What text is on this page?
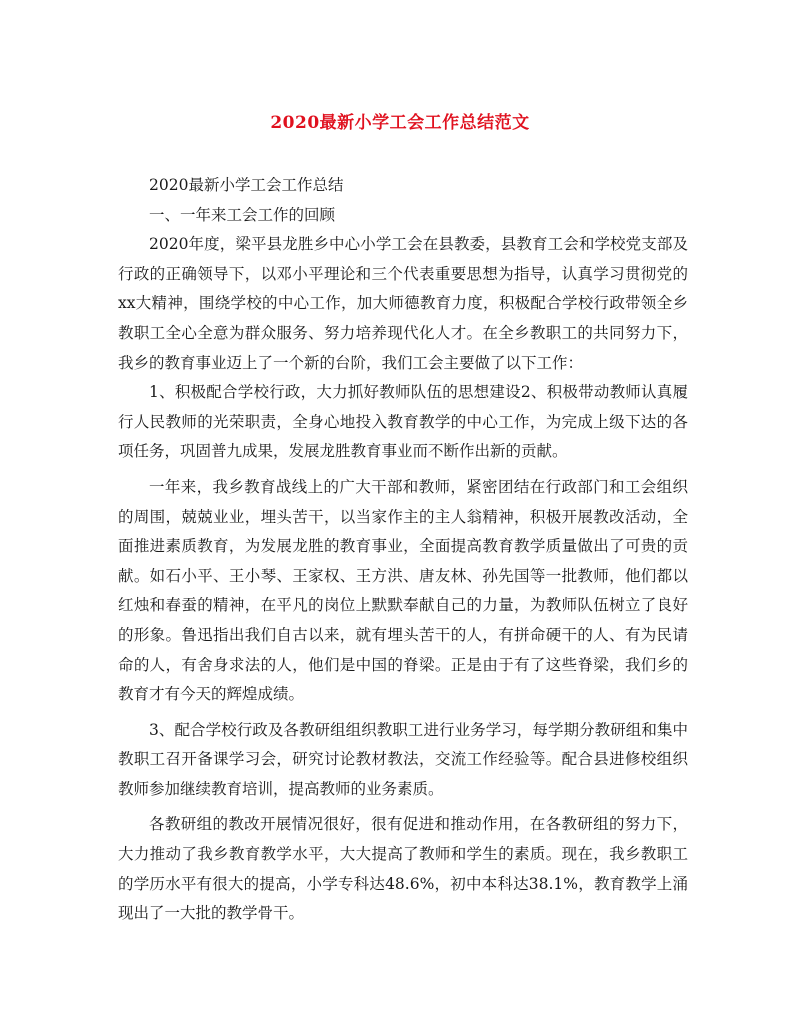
2020最新小学工会工作总结范文

2020最新小学工会工作总结

一、一年来工会工作的回顾

2020年度，梁平县龙胜乡中心小学工会在县教委，县教育工会和学校党支部及行政的正确领导下，以邓小平理论和三个代表重要思想为指导，认真学习贯彻党的xx大精神，围绕学校的中心工作，加大师德教育力度，积极配合学校行政带领全乡教职工全心全意为群众服务、努力培养现代化人才。在全乡教职工的共同努力下，我乡的教育事业迈上了一个新的台阶，我们工会主要做了以下工作：

1、积极配合学校行政，大力抓好教师队伍的思想建设2、积极带动教师认真履行人民教师的光荣职责，全身心地投入教育教学的中心工作，为完成上级下达的各项任务，巩固普九成果，发展龙胜教育事业而不断作出新的贡献。

一年来，我乡教育战线上的广大干部和教师，紧密团结在行政部门和工会组织的周围，兢兢业业，埋头苦干，以当家作主的主人翁精神，积极开展教改活动，全面推进素质教育，为发展龙胜的教育事业，全面提高教育教学质量做出了可贵的贡献。如石小平、王小琴、王家权、王方洪、唐友林、孙先国等一批教师，他们都以红烛和春蚕的精神，在平凡的岗位上默默奉献自己的力量，为教师队伍树立了良好的形象。鲁迅指出我们自古以来，就有埋头苦干的人，有拼命硬干的人、有为民请命的人，有舍身求法的人，他们是中国的脊梁。正是由于有了这些脊梁，我们乡的教育才有今天的辉煌成绩。

3、配合学校行政及各教研组组织教职工进行业务学习，每学期分教研组和集中教职工召开备课学习会，研究讨论教材教法，交流工作经验等。配合县进修校组织教师参加继续教育培训，提高教师的业务素质。

各教研组的教改开展情况很好，很有促进和推动作用，在各教研组的努力下，大力推动了我乡教育教学水平，大大提高了教师和学生的素质。现在，我乡教职工的学历水平有很大的提高，小学专科达48.6%，初中本科达38.1%，教育教学上涌现出了一大批的教学骨干。
